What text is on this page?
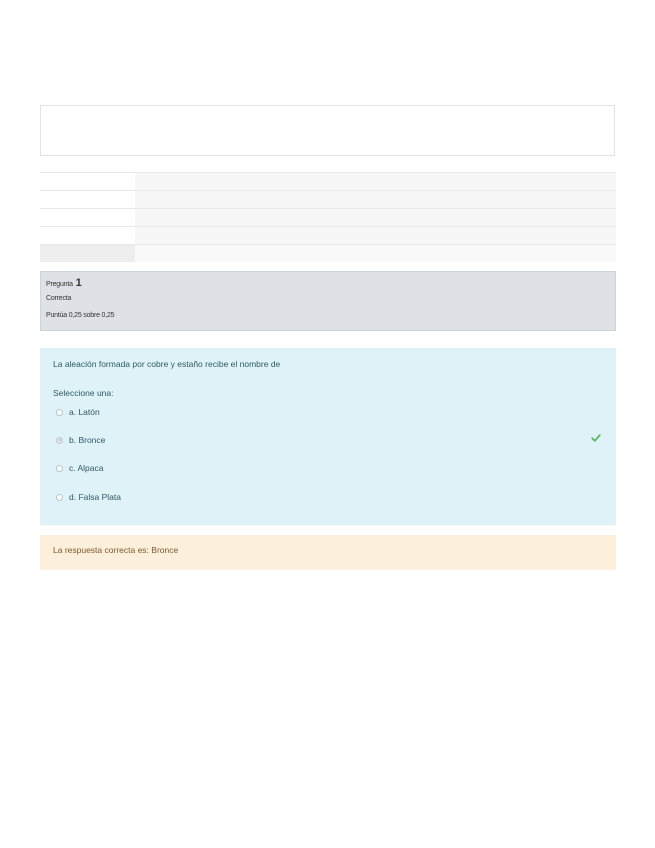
Pregunta 1
Correcta
Puntúa 0,25 sobre 0,25
La aleación formada por cobre y estaño recibe el nombre de
Seleccione una:
a. Latón
b. Bronce
c. Alpaca
d. Falsa Plata
La respuesta correcta es: Bronce
